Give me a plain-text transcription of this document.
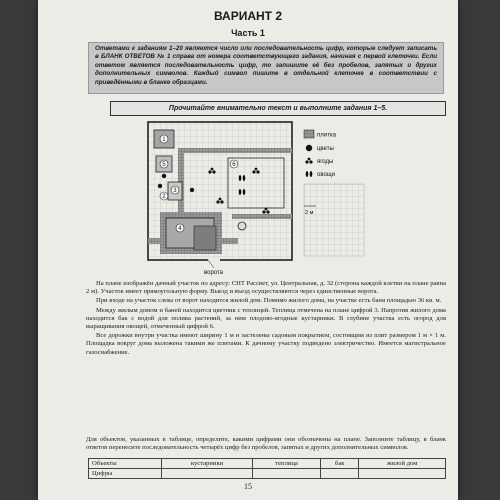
ВАРИАНТ 2
Часть 1
Ответами к заданиям 1–20 являются число или последовательность цифр, которые следует записать в БЛАНК ОТВЕТОВ № 1 справа от номера соответствующего задания, начиная с первой клеточки. Если ответом является последовательность цифр, то запишите её без пробелов, запятых и других дополнительных символов. Каждый символ пишите в отдельной клеточке в соответствии с приведёнными в бланке образцами.
Прочитайте внимательно текст и выполните задания 1–5.
1
2
3
4
5	6
ворота
плитка
цветы
ягоды
овощи
2 м

На плане изображён дачный участок по адресу: СНТ Рассвет, ул. Центральная, д. 32 (сторона каждой клетки на плане равна 2 м). Участок имеет прямоугольную форму. Выезд и въезд осуществляются через единственные ворота.

При входе на участок слева от ворот находится жилой дом. Помимо жилого дома, на участке есть баня площадью 36 кв. м.

Между жилым домом и баней находится цветник с теплицей. Теплица отмечена на плане цифрой 3. Напротив жилого дома находится бак с водой для полива растений, за ним плодово-ягодные кустарники. В глубине участка есть огород для выращивания овощей, отмеченный цифрой 6.

Все дорожки внутри участка имеют ширину 1 м и застелены садовым покрытием, состоящим из плит размером 1 м × 1 м. Площадка вокруг дома выложена такими же плитами. К дачному участку подведено электричество. Имеется магистральное газоснабжение.

Для объектов, указанных в таблице, определите, какими цифрами они обозначены на плане. Заполните таблицу, в бланк ответов перенесите последовательность четырёх цифр без пробелов, запятых и других дополнительных символов.
Объекты	кустарники	теплица	бак	жилой дом
Цифры				
15
